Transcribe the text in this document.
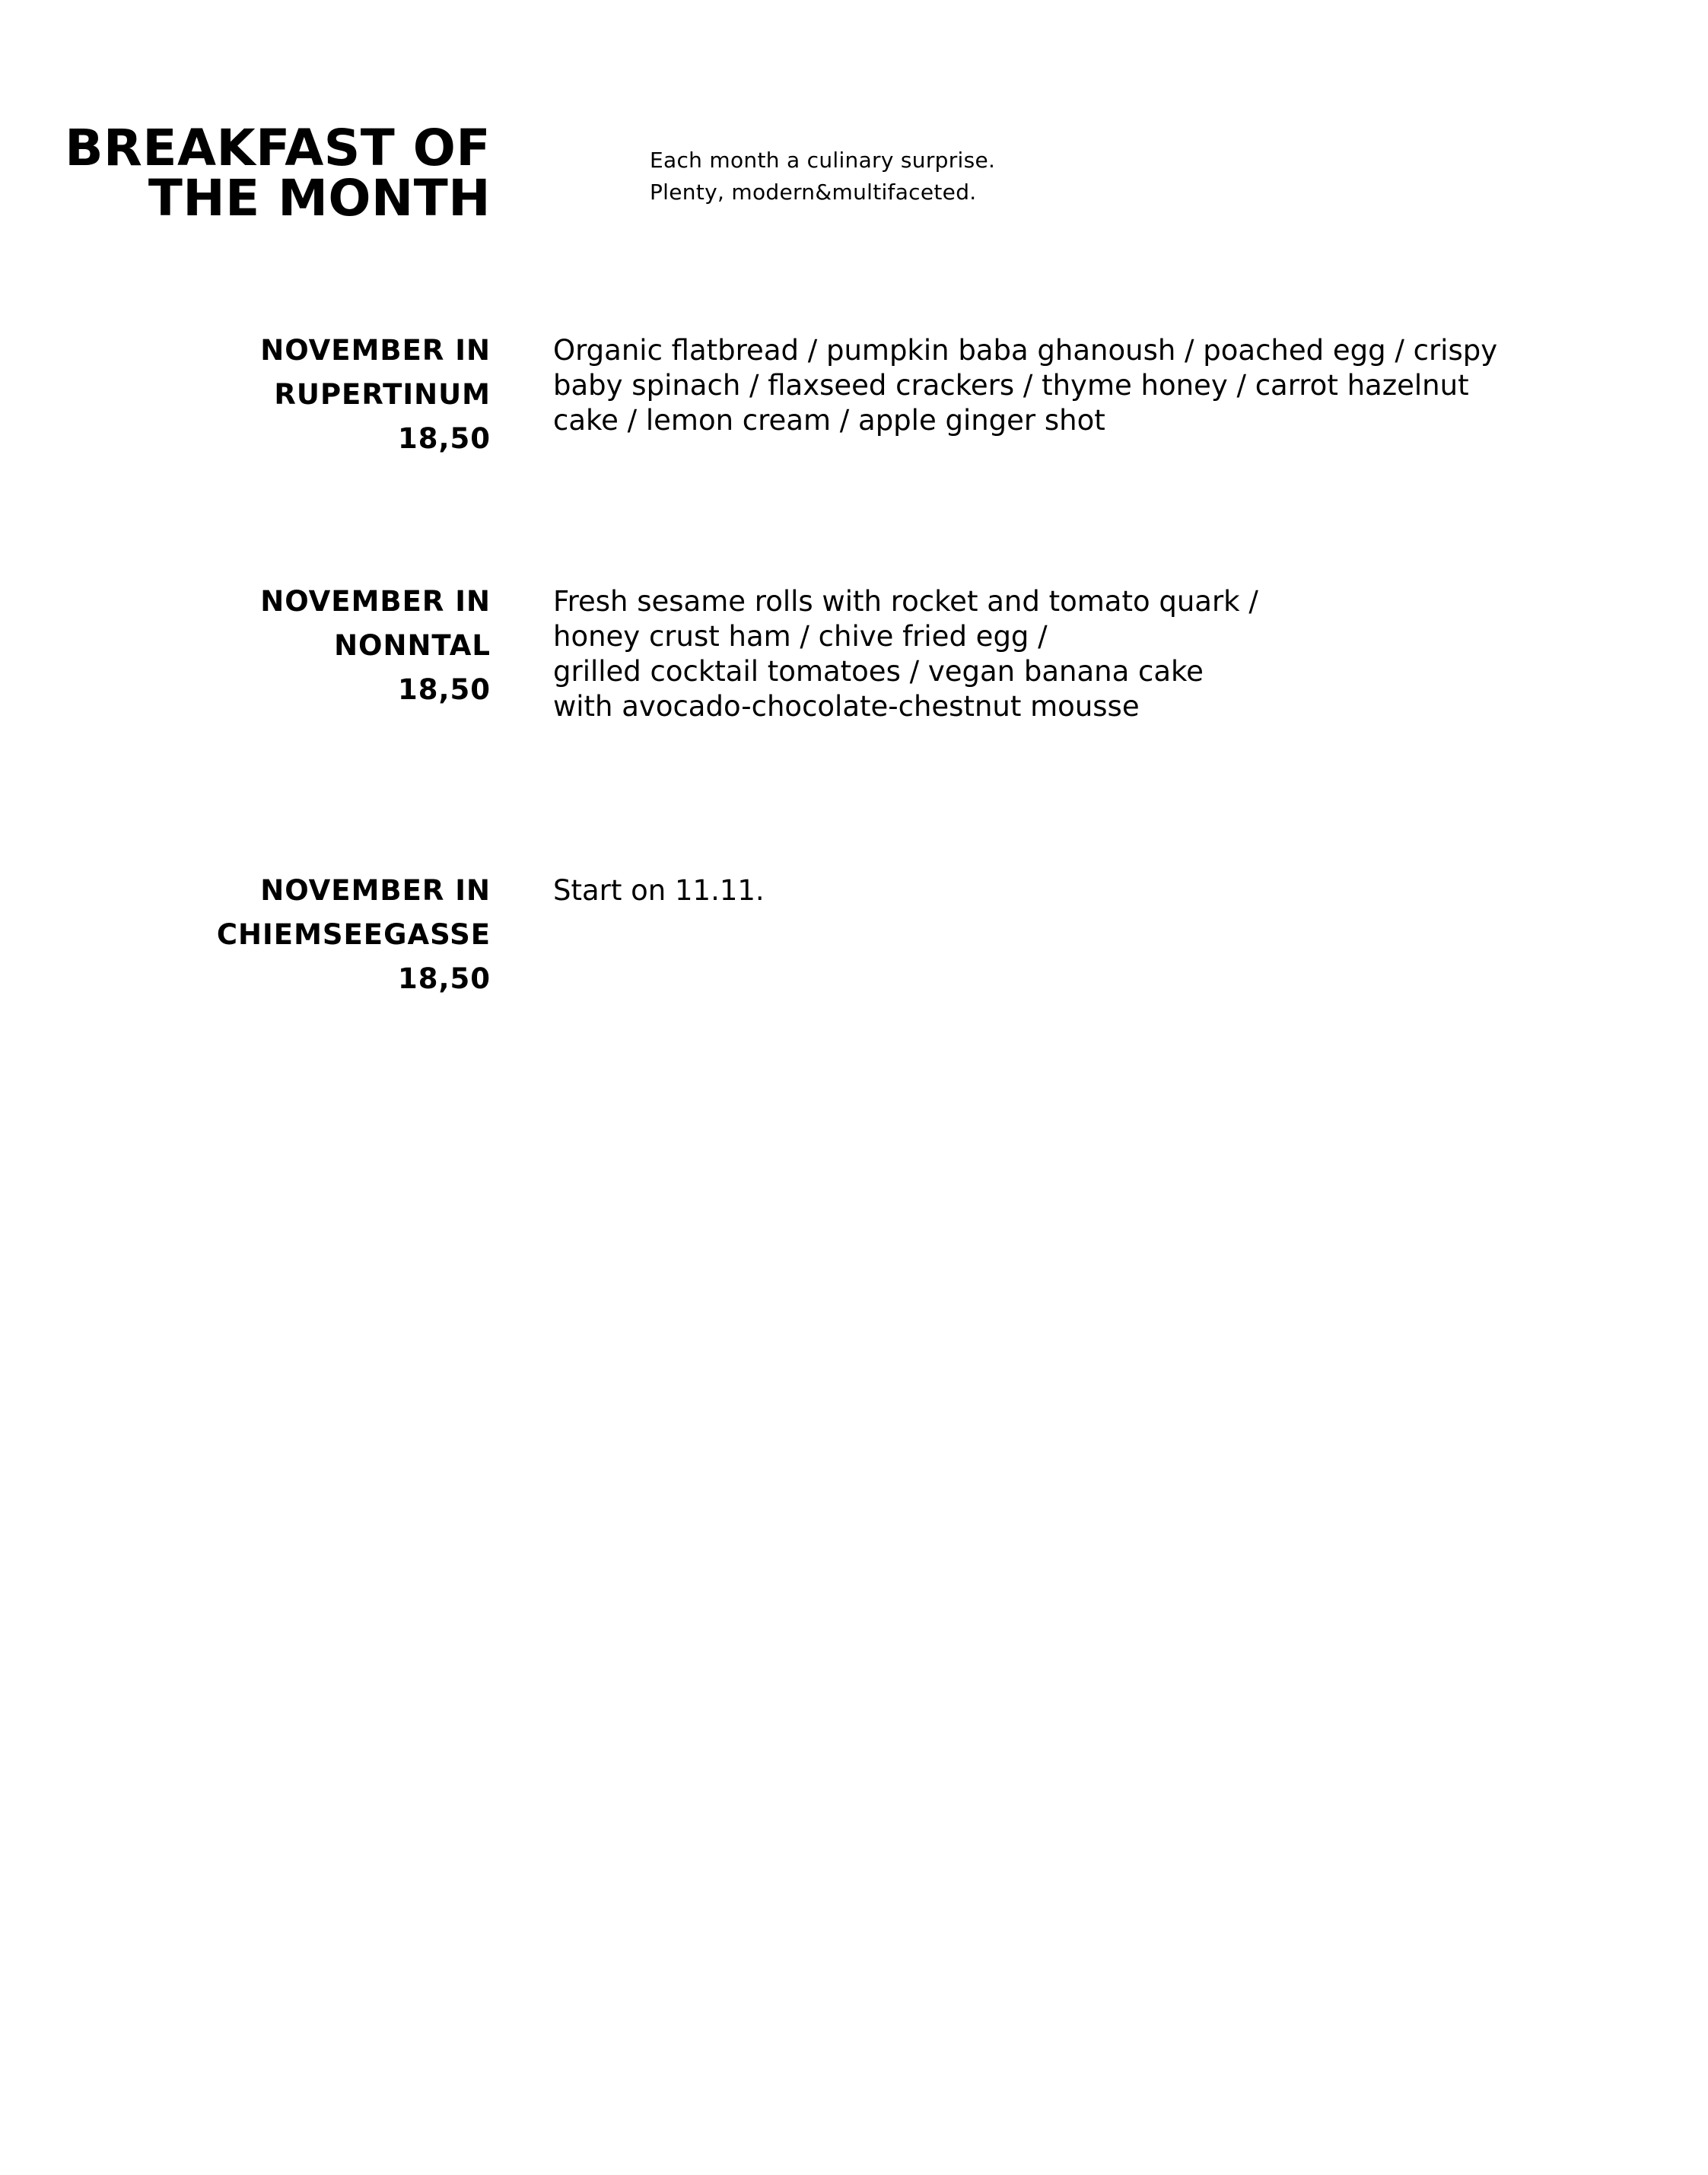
BREAKFAST OF
THE MONTH
Each month a culinary surprise.
Plenty, modern&multifaceted.
NOVEMBER IN
RUPERTINUM
18,50
Organic flatbread / pumpkin baba ghanoush / poached egg / crispy
baby spinach / flaxseed crackers / thyme honey / carrot hazelnut
cake / lemon cream / apple ginger shot
NOVEMBER IN
NONNTAL
18,50
Fresh sesame rolls with rocket and tomato quark /
honey crust ham / chive fried egg /
grilled cocktail tomatoes / vegan banana cake
with avocado-chocolate-chestnut mousse
NOVEMBER IN
CHIEMSEEGASSE
18,50
Start on 11.11.
